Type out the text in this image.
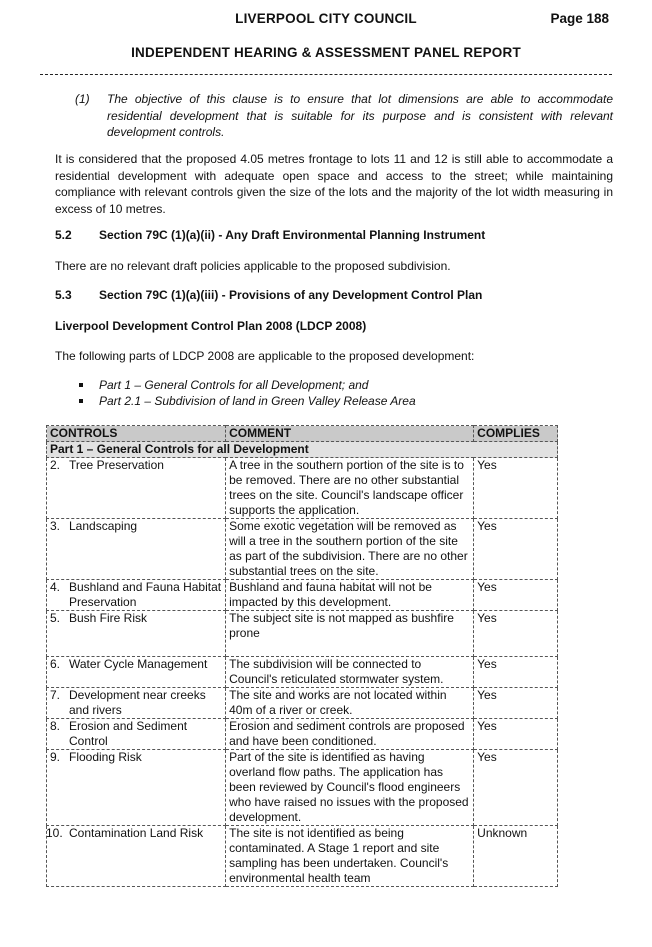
LIVERPOOL CITY COUNCIL	Page 188
INDEPENDENT HEARING & ASSESSMENT PANEL REPORT
(1) The objective of this clause is to ensure that lot dimensions are able to accommodate residential development that is suitable for its purpose and is consistent with relevant development controls.
It is considered that the proposed 4.05 metres frontage to lots 11 and 12 is still able to accommodate a residential development with adequate open space and access to the street; while maintaining compliance with relevant controls given the size of the lots and the majority of the lot width measuring in excess of 10 metres.
5.2 Section 79C (1)(a)(ii) - Any Draft Environmental Planning Instrument
There are no relevant draft policies applicable to the proposed subdivision.
5.3 Section 79C (1)(a)(iii) - Provisions of any Development Control Plan
Liverpool Development Control Plan 2008 (LDCP 2008)
The following parts of LDCP 2008 are applicable to the proposed development:
Part 1 – General Controls for all Development; and
Part 2.1 – Subdivision of land in Green Valley Release Area
CONTROLS	COMMENT	COMPLIES
Part 1 – General Controls for all Development		

2. Tree Preservation	A tree in the southern portion of the site is to be removed. There are no other substantial trees on the site. Council's landscape officer supports the application.	Yes

3. Landscaping	Some exotic vegetation will be removed as will a tree in the southern portion of the site as part of the subdivision. There are no other substantial trees on the site.	Yes

4. Bushland and Fauna Habitat Preservation	Bushland and fauna habitat will not be impacted by this development.	Yes

5. Bush Fire Risk	The subject site is not mapped as bushfire prone	Yes

6. Water Cycle Management	The subdivision will be connected to Council's reticulated stormwater system.	Yes

7. Development near creeks and rivers	The site and works are not located within 40m of a river or creek.	Yes

8. Erosion and Sediment Control	Erosion and sediment controls are proposed and have been conditioned.	Yes

9. Flooding Risk	Part of the site is identified as having overland flow paths. The application has been reviewed by Council's flood engineers who have raised no issues with the proposed development.	Yes

10. Contamination Land Risk	The site is not identified as being contaminated. A Stage 1 report and site sampling has been undertaken. Council's environmental health team	Unknown
